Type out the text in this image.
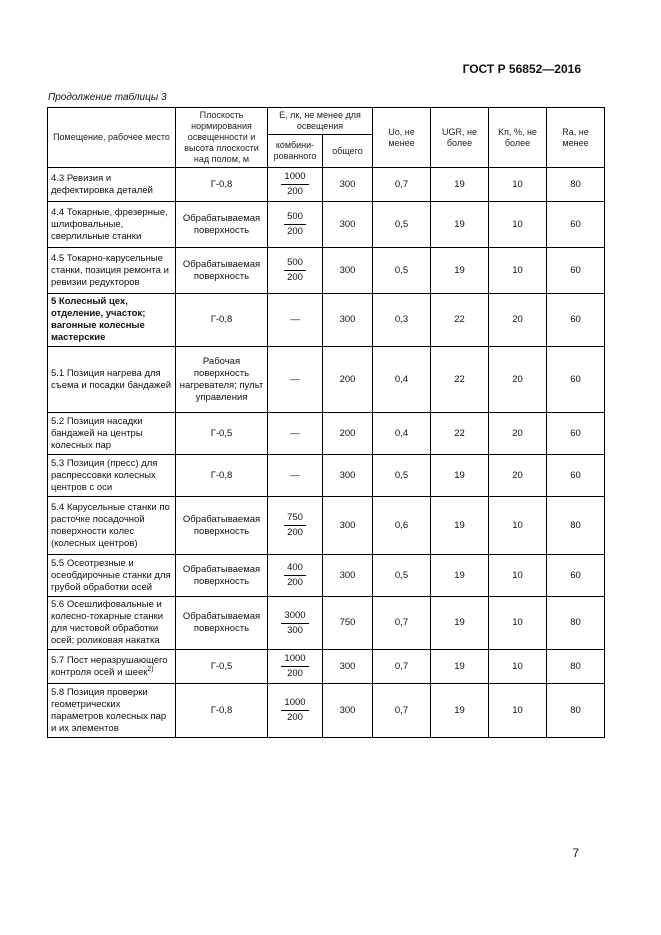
ГОСТ Р 56852—2016
Продолжение таблицы 3
Помещение, рабочее место	Плоскость нормирования освещенности и высота плоскости над полом, м	E, лк, не менее для освещения		Uo, не менее	UGR, не более	Kп, %, не более	Ra, не менее
		комбини-рованного	общего				
4.3 Ревизия и дефектировка деталей	Г-0,8	$\frac{1000}{200}$	300	0,7	19	10	80
4.4 Токарные, фрезерные, шлифовальные, сверлильные станки	Обрабатываемая поверхность	$\frac{500}{200}$	300	0,5	19	10	60
4.5 Токарно-карусельные станки, позиция ремонта и ревизии редукторов	Обрабатываемая поверхность	$\frac{500}{200}$	300	0,5	19	10	60
5 Колесный цех, отделение, участок; вагонные колесные мастерские	Г-0,8	—	300	0,3	22	20	60
5.1 Позиция нагрева для съема и посадки бандажей	Рабочая поверхность нагревателя; пульт управления	—	200	0,4	22	20	60
5.2 Позиция насадки бандажей на центры колесных пар	Г-0,5	—	200	0,4	22	20	60
5.3 Позиция (пресс) для распрессовки колесных центров с оси	Г-0,8	—	300	0,5	19	20	60
5.4 Карусельные станки по расточке посадочной поверхности колес (колесных центров)	Обрабатываемая поверхность	$\frac{750}{200}$	300	0,6	19	10	80
5.5 Осеотрезные и осеобдирочные станки для грубой обработки осей	Обрабатываемая поверхность	$\frac{400}{200}$	300	0,5	19	10	60
5.6 Осешлифовальные и колесно-токарные станки для чистовой обработки осей; роликовая накатка	Обрабатываемая поверхность	$\frac{3000}{300}$	750	0,7	19	10	80
5.7 Пост неразрушающего контроля осей и шеек$^{2)}$	Г-0,5	$\frac{1000}{200}$	300	0,7	19	10	80
5.8 Позиция проверки геометрических параметров колесных пар и их элементов	Г-0,8	$\frac{1000}{200}$	300	0,7	19	10	80
7
